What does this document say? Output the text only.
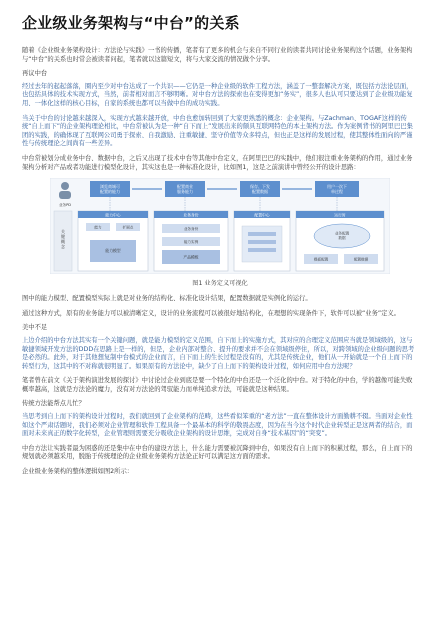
企业级业务架构与“中台”的关系

随着《企业级业务架构设计：方法论与实践》一书的传播，笔者有了更多的机会与来自不同行业的读者共同讨论业务架构这个话题，业务架构与“中台”的关系也时常会被读者问起，笔者就以这篇短文，将与大家交流的情况做个分享。

再议中台

经过去年的起起落落，圈内至少对中台达成了一个共识——它仍是一种企业级的软件工程方法，涵盖了一整套解决方案，既包括方法论层面，也包括具体的技术实现方式，当然，前者相对而言不够明晰。对中台方法的探索也在变得更加“务实”，很多人也认可只要达到了企业级功能复用、一体化这样的核心目标，自家的系统也都可以当做中台的成功实践。

当关于中台的讨论越来越深入，实现方式越来越开放，中台也愈加转回到了大家更熟悉的概念：企业架构。与Zachman、TOGAF这样的传统“自上而下”的企业架构理论相比，中台常被认为是一种“自下而上”发展出来的颇具互联网特色的本土架构方法。作为案例背书的阿里巴巴集团的实践，的确体现了互联网公司勇于探索、自我激励、注重敏捷、坚守价值等众多特点，但也正是这样的发展过程，使其整体性面向的严谨性与传统理论之间尚有一些差异。

中台常被划分成业务中台、数据中台，之后又出现了技术中台等其他中台定义，在阿里巴巴的实践中，他们很注重业务架构的作用，通过业务架构分析对产品或者功能进行模型化设计，其实这也是一种标准化设计，比如图1，这是之前演讲中曾经公开的设计思路：

浏览商城可配置的能力
配置商业服务能力
保存、下发配置数据
用户一次下单过程
业务PD
关键概念
能力中心
能力	扩展点
能力模型
业务身份
业务身份
能力实例
产品模板
配置中心	运行时
业务配置数据
模板配置	配置数据

图1 业务定义可视化

图中的能力模型、配置模型实际上就是对业务的结构化、标准化设计结果，配置数据就是实例化的运行。

通过这种方式，原有的业务能力可以被清晰定义，设计的业务流程可以被很好地结构化，在理想的实现条件下，软件可以被“业务”定义。

美中不足

上边介绍的中台方法其实有一个关键问题，就是能力模型的定义范围，自下而上的实施方式，其对应的合理定义范围应当就是领域级的，这与敏捷领域开发方法的DDD在思路上是一样的，但是，企业内部对整合、提升的要求并不会在领域级停住，所以，对跨领域的企业级问题的思考是必然的。此外，对于其他想复制中台模式的企业而言，自下而上的生长过程是没有的，尤其是传统企业，他们从一开始就是一个自上而下的转型行为，这其中的不对称就很明显了。如果原有的方法论中，缺少了自上而下的架构设计过程，如何应用中台方法呢？

笔者曾在前文《关于架构演进发展的探讨》中讨论过企业到底是要一个特化的中台还是一个泛化的中台。对于特化的中台，学的越像可能失败概率越高，这就是方法论的魔力，没有对方法论的驾驭能力而单纯追求方法，可能就是这种结果。

传统方法能帮点儿忙？

当思考到自上而下的架构设计过程时，我们就回到了企业架构的范畴，这些看似笨重的“老方法”一直在整体设计方面勤耕不辍。当面对企业性如这个严肃话题时，我们必须对企业管理和软件工程具备一个最基本的科学的敬畏态度，因为在当今这个时代企业转型正是这两者的结合，而面对未来真正的数字化转型，企业管理则需要充分吸收企业架构的设计思维，完成对自身“技术基因”的“突变”。

中台方法让实践者最为困惑的还是集中在中台的建设方法上，什么能力需要被沉降到中台，如果没有自上而下的积累过程，那么，自上而下的规划就必须越采用，脱胎于传统理论的企业级业务架构方法论正好可以满足这方面的需求。

企业级业务架构的整体逻辑如图2所示：
